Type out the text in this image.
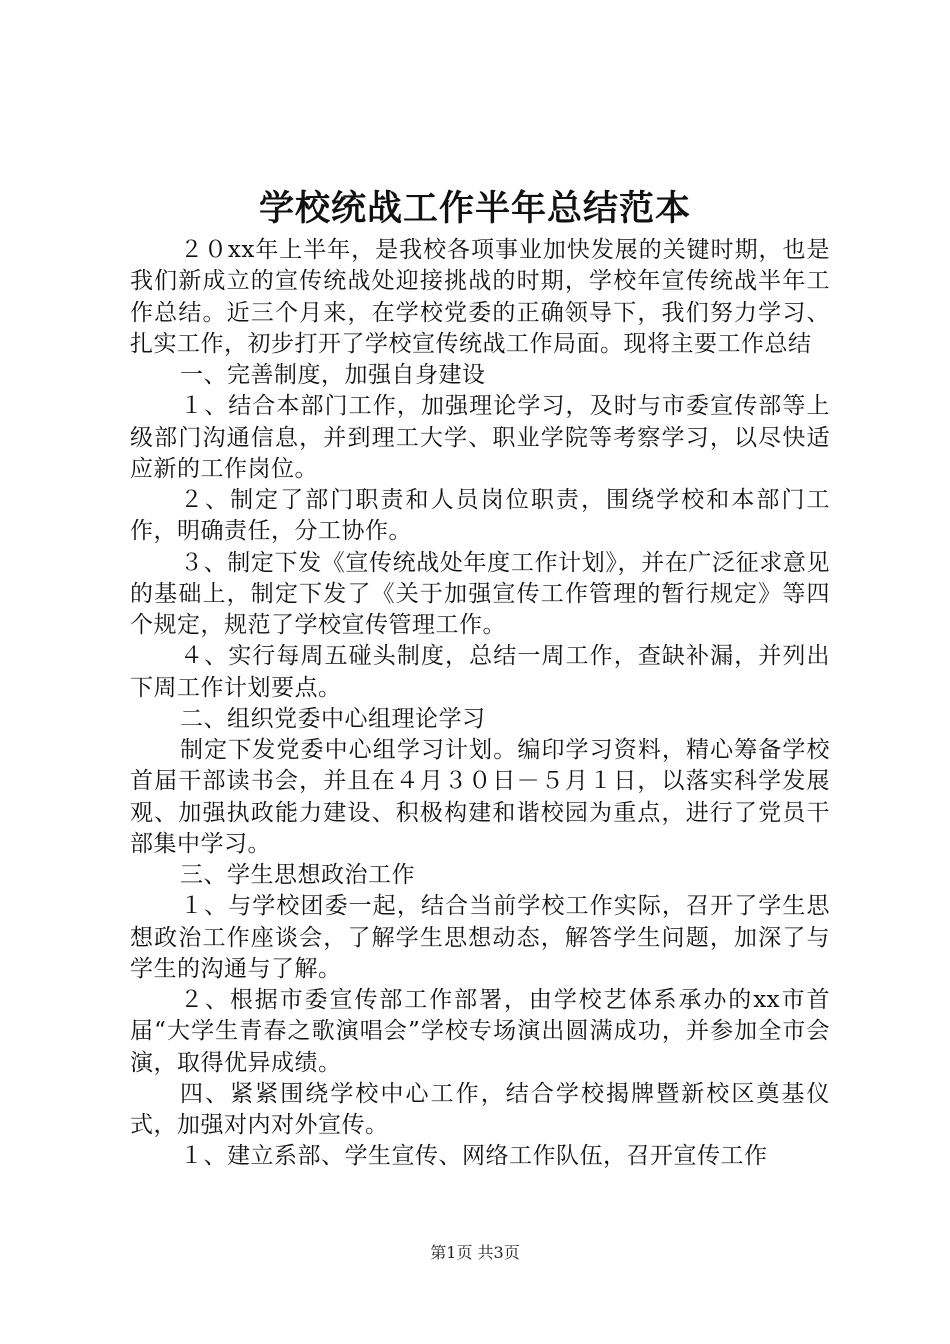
学校统战工作半年总结范本

２０xx年上半年，是我校各项事业加快发展的关键时期，也是我们新成立的宣传统战处迎接挑战的时期，学校年宣传统战半年工作总结。近三个月来，在学校党委的正确领导下，我们努力学习、扎实工作，初步打开了学校宣传统战工作局面。现将主要工作总结

一、完善制度，加强自身建设

１、结合本部门工作，加强理论学习，及时与市委宣传部等上级部门沟通信息，并到理工大学、职业学院等考察学习，以尽快适应新的工作岗位。

２、制定了部门职责和人员岗位职责，围绕学校和本部门工作，明确责任，分工协作。

３、制定下发《宣传统战处年度工作计划》，并在广泛征求意见的基础上，制定下发了《关于加强宣传工作管理的暂行规定》等四个规定，规范了学校宣传管理工作。

４、实行每周五碰头制度，总结一周工作，查缺补漏，并列出下周工作计划要点。

二、组织党委中心组理论学习

制定下发党委中心组学习计划。编印学习资料，精心筹备学校首届干部读书会，并且在４月３０日－５月１日，以落实科学发展观、加强执政能力建设、积极构建和谐校园为重点，进行了党员干部集中学习。

三、学生思想政治工作

１、与学校团委一起，结合当前学校工作实际，召开了学生思想政治工作座谈会，了解学生思想动态，解答学生问题，加深了与学生的沟通与了解。

２、根据市委宣传部工作部署，由学校艺体系承办的xx市首届“大学生青春之歌演唱会”学校专场演出圆满成功，并参加全市会演，取得优异成绩。

四、紧紧围绕学校中心工作，结合学校揭牌暨新校区奠基仪式，加强对内对外宣传。

１、建立系部、学生宣传、网络工作队伍，召开宣传工作

第1页 共3页
